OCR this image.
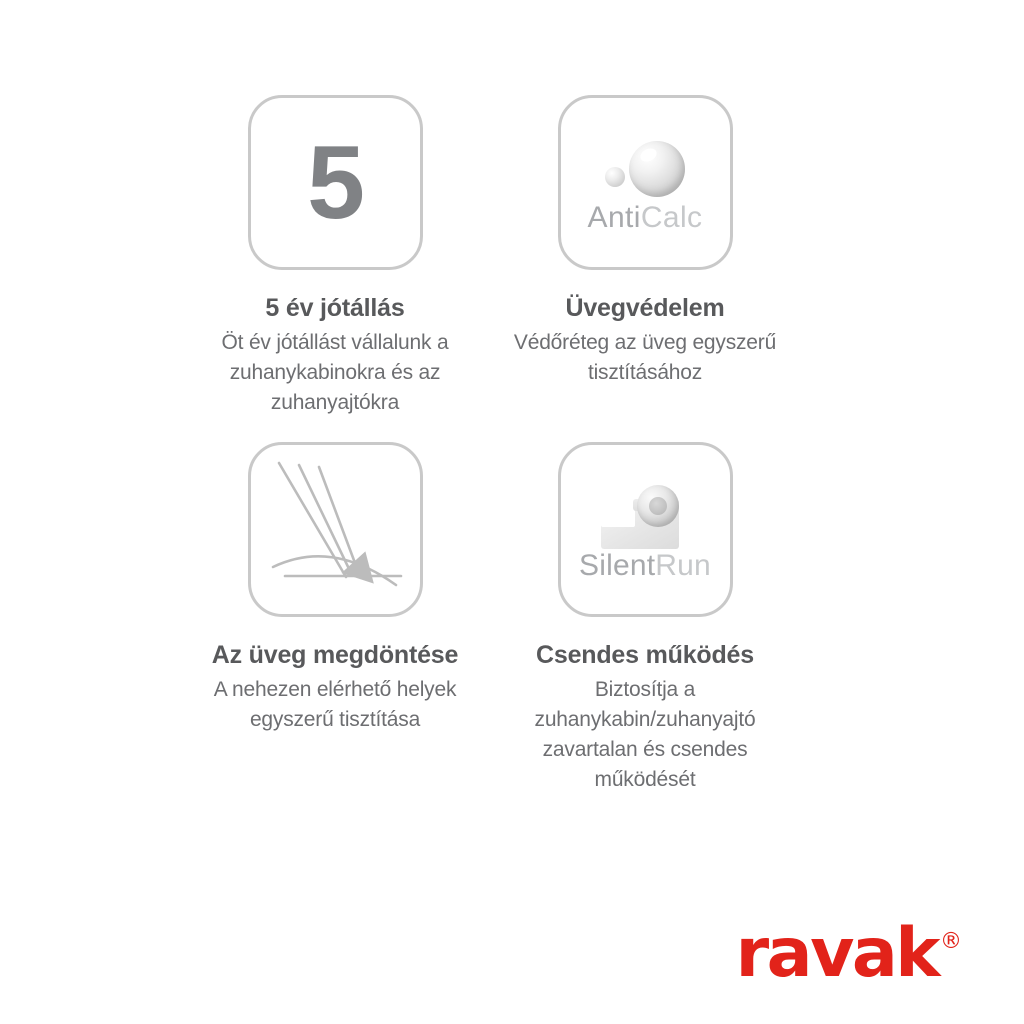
5
5 év jótállás
Öt év jótállást vállalunk a zuhanykabinokra és az zuhanyajtókra
AntiCalc
Üvegvédelem
Védőréteg az üveg egyszerű tisztításához
Az üveg megdöntése
A nehezen elérhető helyek egyszerű tisztítása
SilentRun
Csendes működés
Biztosítja a zuhanykabin/zuhanyajtó zavartalan és csendes működését
ravak ®
